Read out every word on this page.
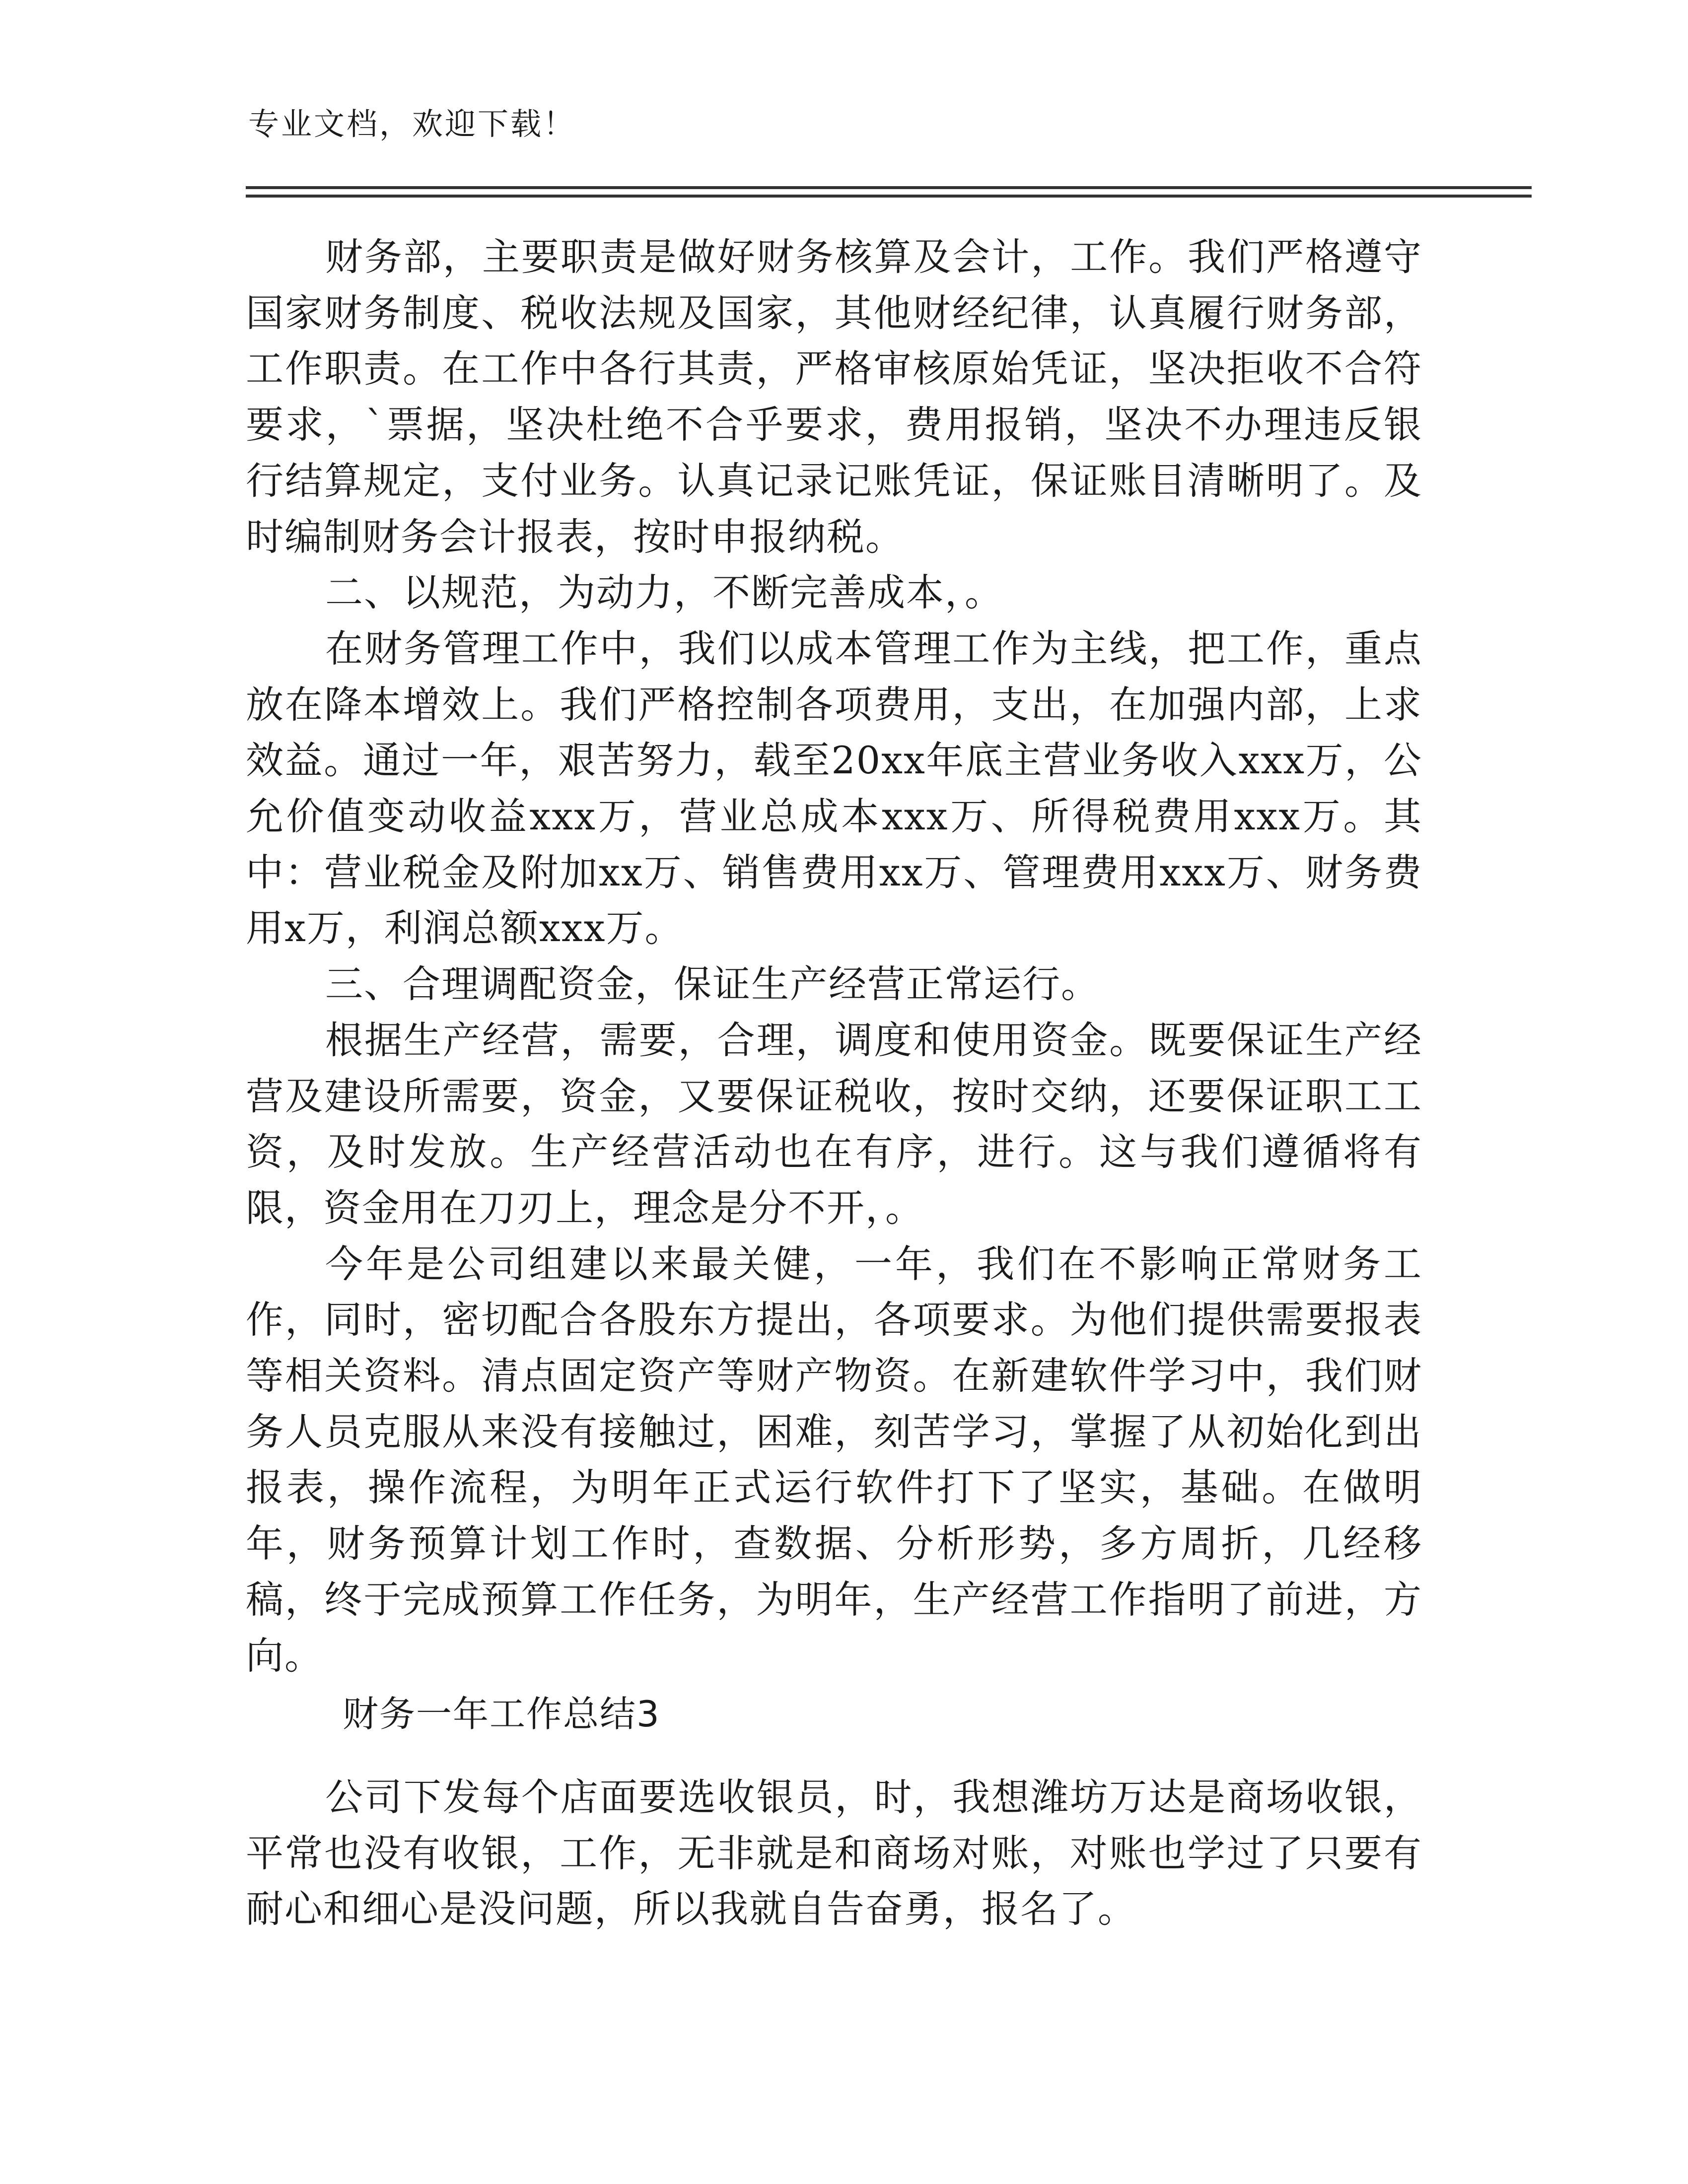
专业文档，欢迎下载！

财务部，主要职责是做好财务核算及会计，工作。我们严格遵守国家财务制度、税收法规及国家，其他财经纪律，认真履行财务部，工作职责。在工作中各行其责，严格审核原始凭证，坚决拒收不合符要求，`票据，坚决杜绝不合乎要求，费用报销，坚决不办理违反银行结算规定，支付业务。认真记录记账凭证，保证账目清晰明了。及时编制财务会计报表，按时申报纳税。

二、以规范，为动力，不断完善成本，。

在财务管理工作中，我们以成本管理工作为主线，把工作，重点放在降本增效上。我们严格控制各项费用，支出，在加强内部，上求效益。通过一年，艰苦努力，载至20xx年底主营业务收入xxx万，公允价值变动收益xxx万，营业总成本xxx万、所得税费用xxx万。其中：营业税金及附加xx万、销售费用xx万、管理费用xxx万、财务费用x万，利润总额xxx万。

三、合理调配资金，保证生产经营正常运行。

根据生产经营，需要，合理，调度和使用资金。既要保证生产经营及建设所需要，资金，又要保证税收，按时交纳，还要保证职工工资，及时发放。生产经营活动也在有序，进行。这与我们遵循将有限，资金用在刀刃上，理念是分不开，。

今年是公司组建以来最关健，一年，我们在不影响正常财务工作，同时，密切配合各股东方提出，各项要求。为他们提供需要报表等相关资料。清点固定资产等财产物资。在新建软件学习中，我们财务人员克服从来没有接触过，困难，刻苦学习，掌握了从初始化到出报表，操作流程，为明年正式运行软件打下了坚实，基础。在做明年，财务预算计划工作时，查数据、分析形势，多方周折，几经移稿，终于完成预算工作任务，为明年，生产经营工作指明了前进，方向。

财务一年工作总结3

公司下发每个店面要选收银员，时，我想潍坊万达是商场收银，平常也没有收银，工作，无非就是和商场对账，对账也学过了只要有耐心和细心是没问题，所以我就自告奋勇，报名了。
